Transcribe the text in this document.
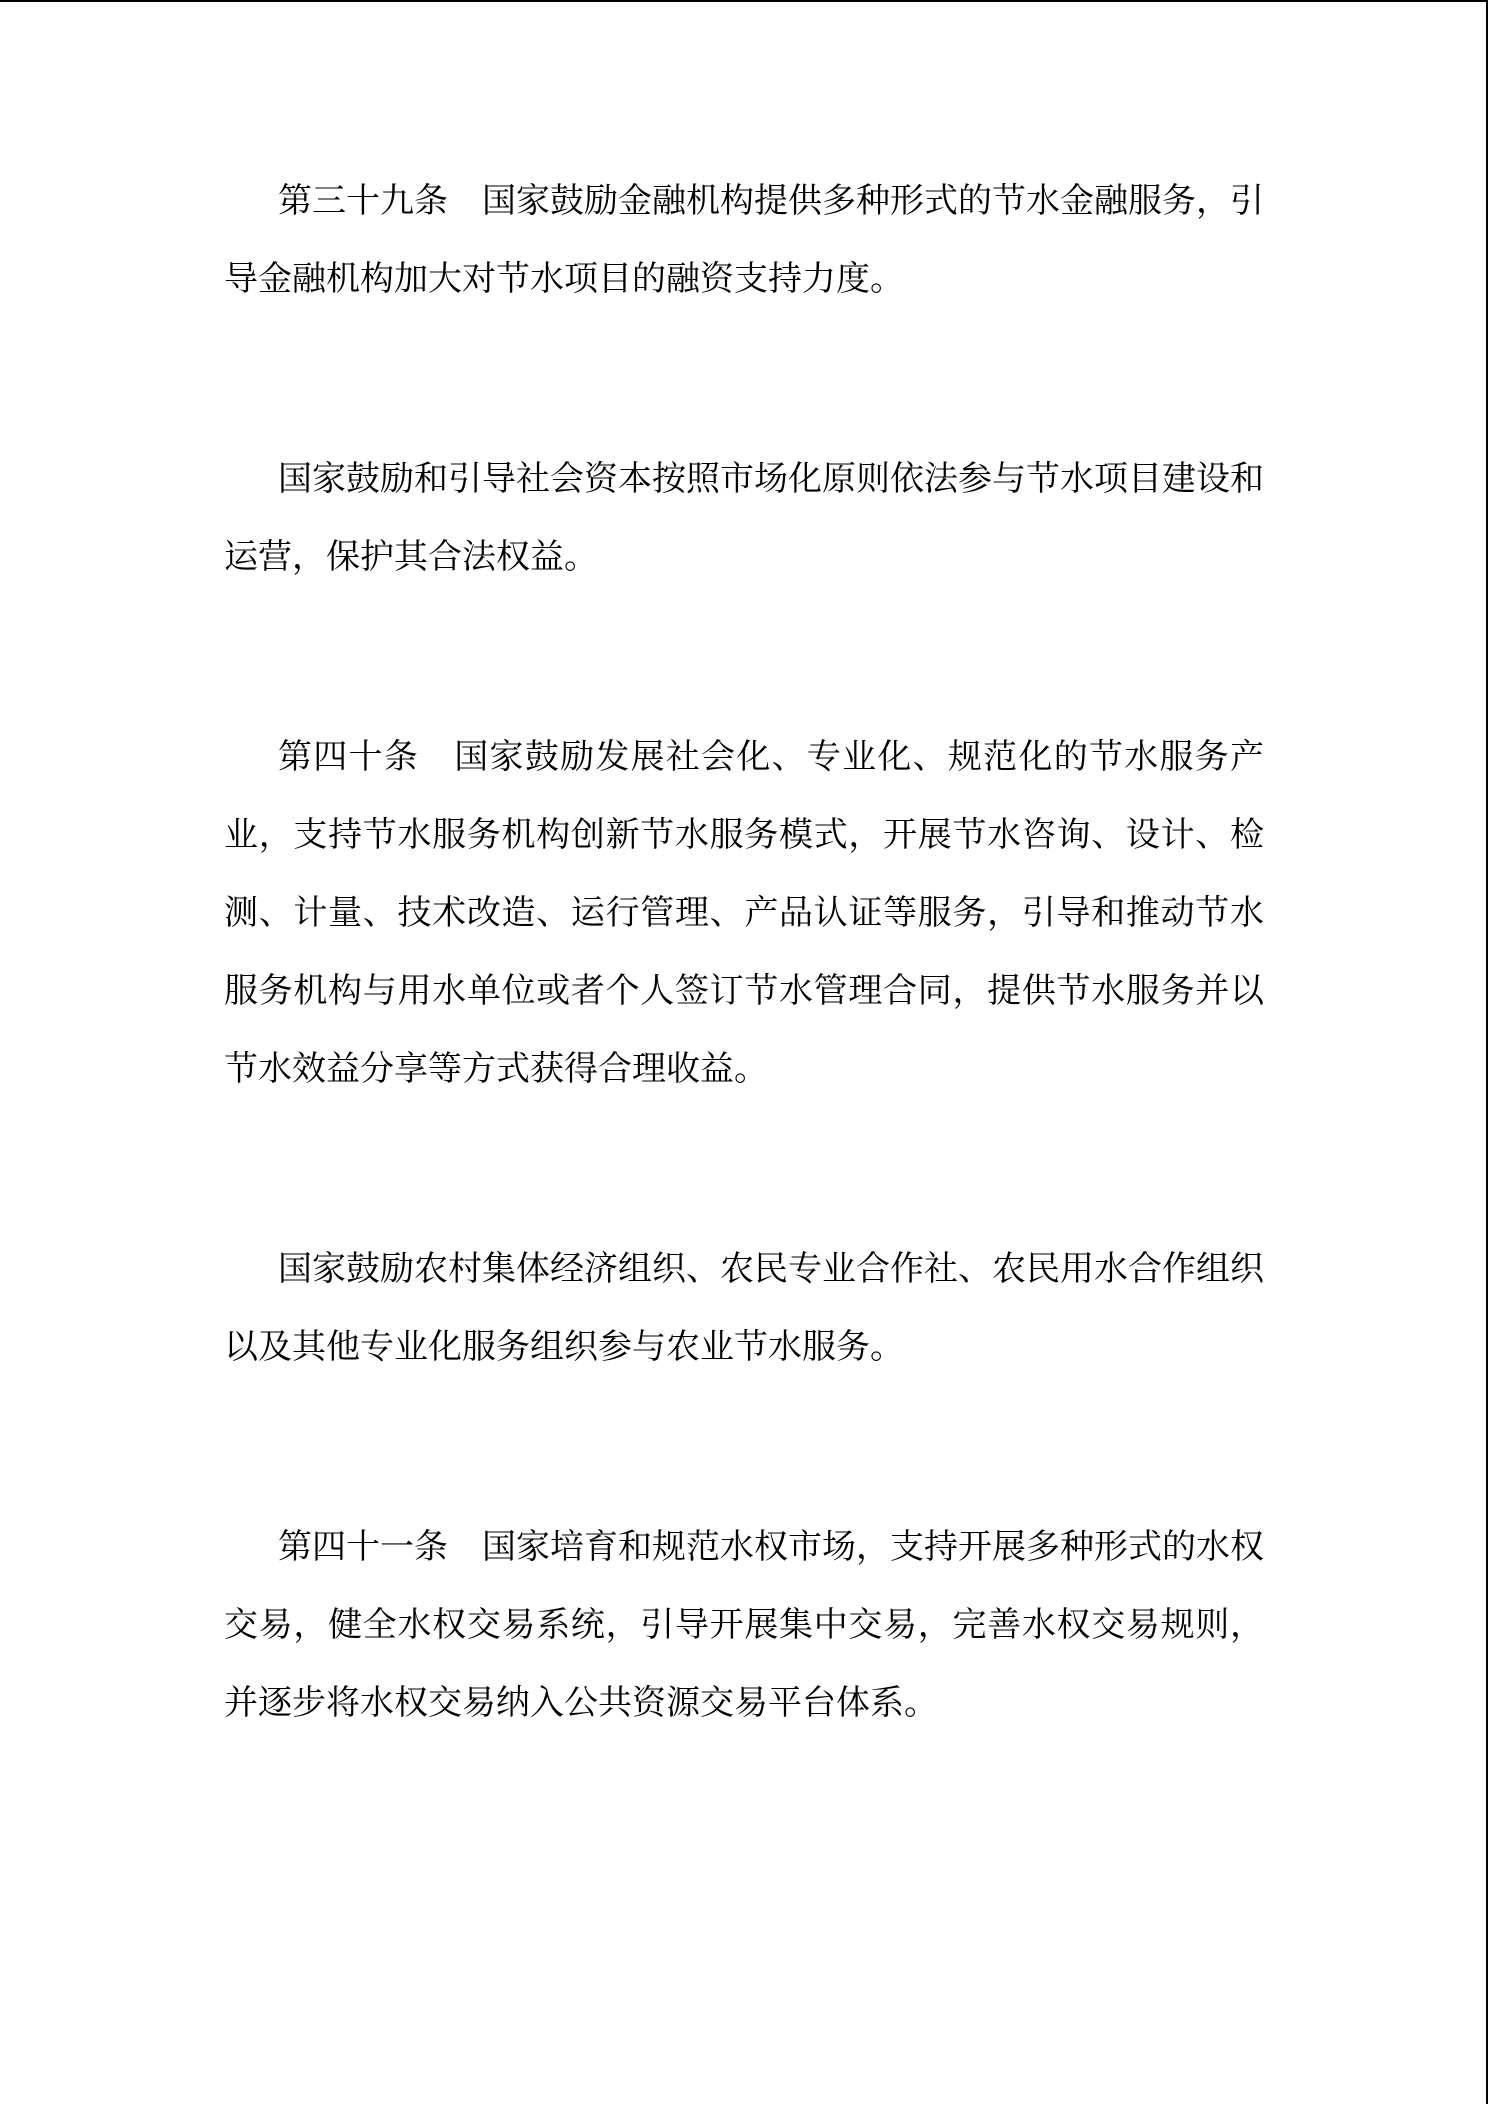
第三十九条　国家鼓励金融机构提供多种形式的节水金融服务，引导金融机构加大对节水项目的融资支持力度。

国家鼓励和引导社会资本按照市场化原则依法参与节水项目建设和运营，保护其合法权益。

第四十条　国家鼓励发展社会化、专业化、规范化的节水服务产业，支持节水服务机构创新节水服务模式，开展节水咨询、设计、检测、计量、技术改造、运行管理、产品认证等服务，引导和推动节水服务机构与用水单位或者个人签订节水管理合同，提供节水服务并以节水效益分享等方式获得合理收益。

国家鼓励农村集体经济组织、农民专业合作社、农民用水合作组织以及其他专业化服务组织参与农业节水服务。

第四十一条　国家培育和规范水权市场，支持开展多种形式的水权交易，健全水权交易系统，引导开展集中交易，完善水权交易规则，并逐步将水权交易纳入公共资源交易平台体系。
